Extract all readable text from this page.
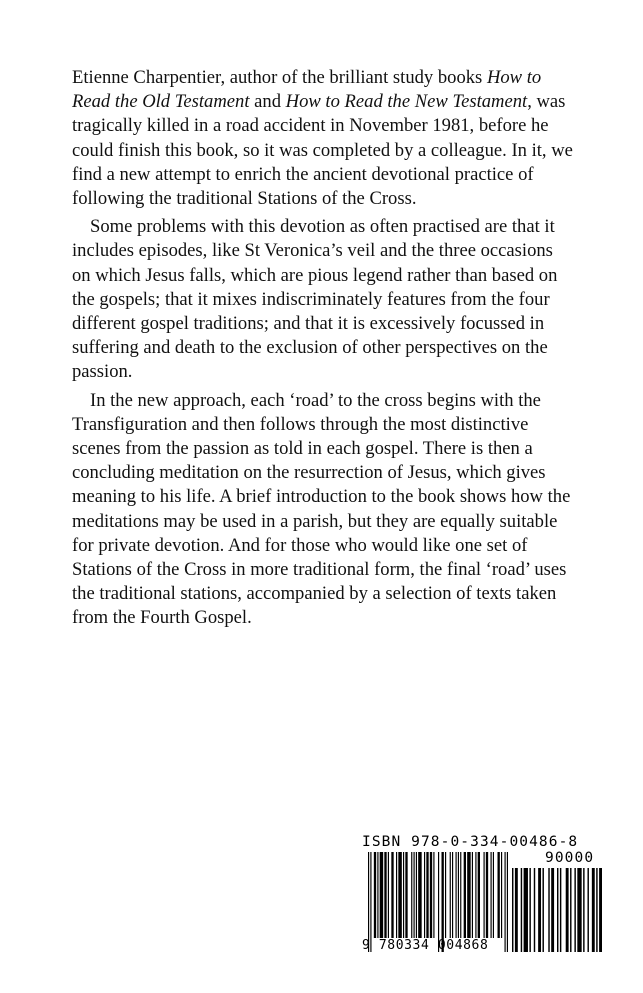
Etienne Charpentier, author of the brilliant study books How to Read the Old Testament and How to Read the New Testament, was tragically killed in a road accident in November 1981, before he could finish this book, so it was completed by a colleague. In it, we find a new attempt to enrich the ancient devotional practice of following the traditional Stations of the Cross.

Some problems with this devotion as often practised are that it includes episodes, like St Veronica’s veil and the three occasions on which Jesus falls, which are pious legend rather than based on the gospels; that it mixes indiscriminately features from the four different gospel traditions; and that it is excessively focussed in suffering and death to the exclusion of other perspectives on the passion.

In the new approach, each ‘road’ to the cross begins with the Transfiguration and then follows through the most distinctive scenes from the passion as told in each gospel. There is then a concluding meditation on the resurrection of Jesus, which gives meaning to his life. A brief introduction to the book shows how the meditations may be used in a parish, but they are equally suitable for private devotion. And for those who would like one set of Stations of the Cross in more traditional form, the final ‘road’ uses the traditional stations, accompanied by a selection of texts taken from the Fourth Gospel.

ISBN 978-0-334-00486-8
90000
9 780334 004868
